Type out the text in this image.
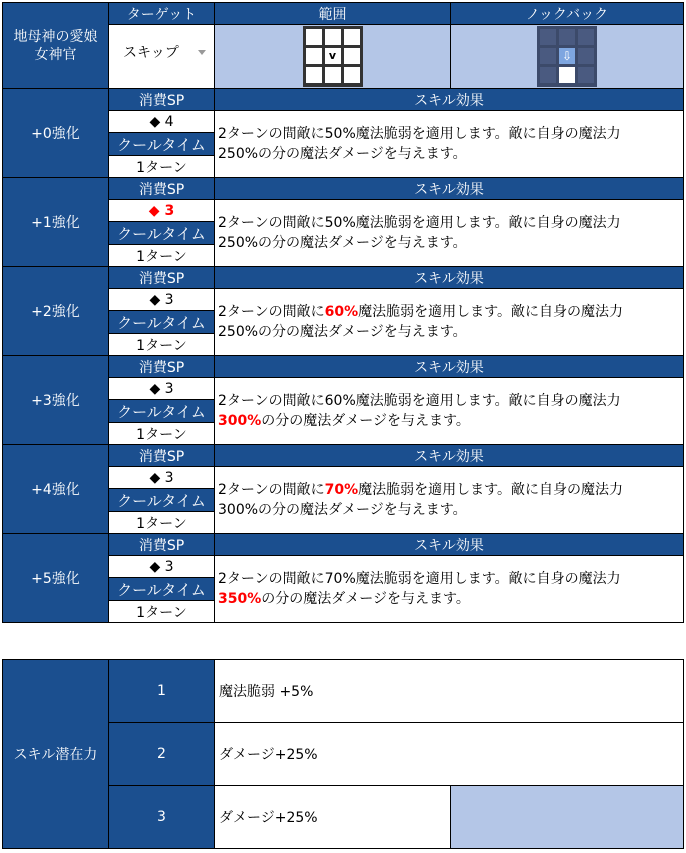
地母神の愛娘女神官	ターゲット	範囲	ノックバック

	スキップ	v	⇩

+0強化	消費SP	スキル効果	
	◆ 4	2ターンの間敵に50%魔法脆弱を適用します。敵に自身の魔法力
250%の分の魔法ダメージを与えます。	
	クールタイム		
	1ターン		
+1強化	消費SP	スキル効果	
	◆ 3	2ターンの間敵に50%魔法脆弱を適用します。敵に自身の魔法力
250%の分の魔法ダメージを与えます。	
	クールタイム		
	1ターン		
+2強化	消費SP	スキル効果	
	◆ 3	2ターンの間敵に60%魔法脆弱を適用します。敵に自身の魔法力
250%の分の魔法ダメージを与えます。	
	クールタイム		
	1ターン		
+3強化	消費SP	スキル効果	
	◆ 3	2ターンの間敵に60%魔法脆弱を適用します。敵に自身の魔法力
300%の分の魔法ダメージを与えます。	
	クールタイム		
	1ターン		
+4強化	消費SP	スキル効果	
	◆ 3	2ターンの間敵に70%魔法脆弱を適用します。敵に自身の魔法力
300%の分の魔法ダメージを与えます。	
	クールタイム		
	1ターン		
+5強化	消費SP	スキル効果	
	◆ 3	2ターンの間敵に70%魔法脆弱を適用します。敵に自身の魔法力
350%の分の魔法ダメージを与えます。	
	クールタイム		
	1ターン		
スキル潜在力	1	魔法脆弱 +5%	
	2	ダメージ+25%	
	3	ダメージ+25%	
